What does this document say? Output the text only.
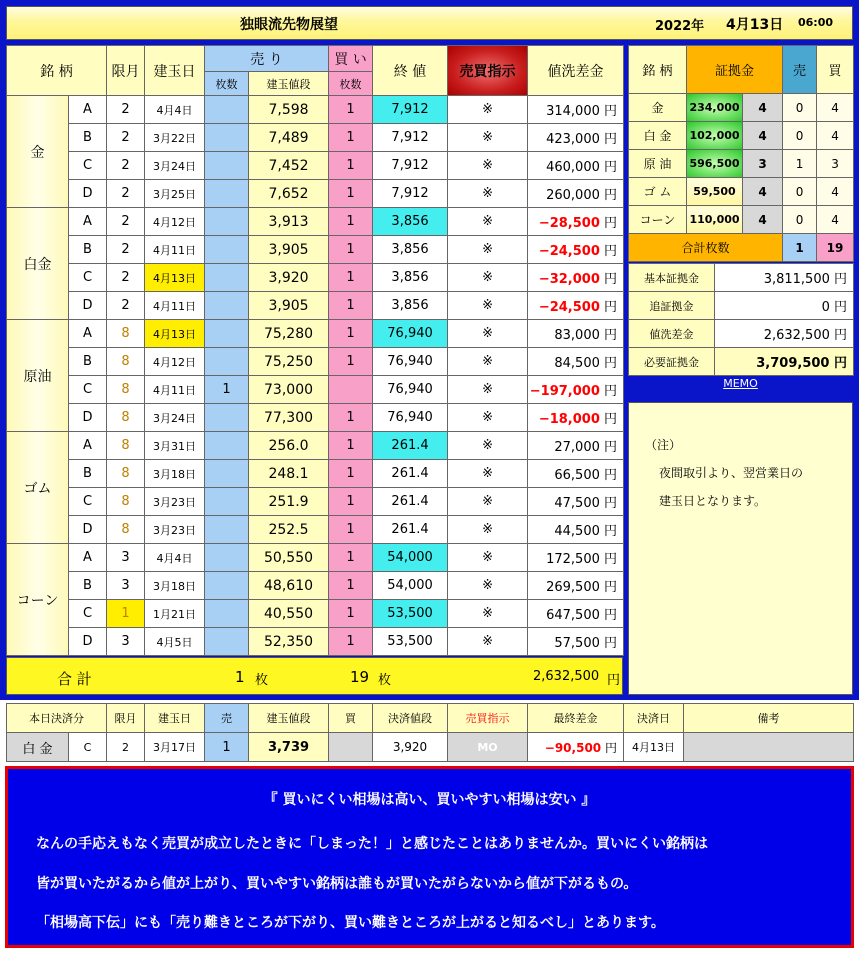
独眼流先物展望	2022年 4月13日 06:00
銘 柄		限月	建玉日	売 り		買 い	終 値	売買指示	値洗差金
				枚数	建玉値段	枚数			
金	A	2	4月4日		7,598	1	7,912	※	314,000 円
	B	2	3月22日		7,489	1	7,912	※	423,000 円
	C	2	3月24日		7,452	1	7,912	※	460,000 円
	D	2	3月25日		7,652	1	7,912	※	260,000 円
白金	A	2	4月12日		3,913	1	3,856	※	−28,500 円
	B	2	4月11日		3,905	1	3,856	※	−24,500 円
	C	2	4月13日		3,920	1	3,856	※	−32,000 円
	D	2	4月11日		3,905	1	3,856	※	−24,500 円
原油	A	8	4月13日		75,280	1	76,940	※	83,000 円
	B	8	4月12日		75,250	1	76,940	※	84,500 円
	C	8	4月11日	1	73,000		76,940	※	−197,000 円
	D	8	3月24日		77,300	1	76,940	※	−18,000 円
ゴム	A	8	3月31日		256.0	1	261.4	※	27,000 円
	B	8	3月18日		248.1	1	261.4	※	66,500 円
	C	8	3月23日		251.9	1	261.4	※	47,500 円
	D	8	3月23日		252.5	1	261.4	※	44,500 円
コーン	A	3	4月4日		50,550	1	54,000	※	172,500 円
	B	3	3月18日		48,610	1	54,000	※	269,500 円
	C	1	1月21日		40,550	1	53,500	※	647,500 円
	D	3	4月5日		52,350	1	53,500	※	57,500 円
合 計	1 枚	19 枚	2,632,500 円
銘 柄	証拠金		売	買
金	234,000	4	0	4
白 金	102,000	4	0	4
原 油	596,500	3	1	3
ゴ ム	59,500	4	0	4
コーン	110,000	4	0	4
合計枚数			1	19
基本証拠金	3,811,500 円
追証拠金	0 円
値洗差金	2,632,500 円
必要証拠金	3,709,500 円
MEMO
（注）
夜間取引より、翌営業日の
建玉日となります。
本日決済分		限月	建玉日	売	建玉値段	買	決済値段	売買指示	最終差金	決済日	備考
白 金	C	2	3月17日	1	3,739		3,920	MO	−90,500 円	4月13日	
『 買いにくい相場は高い、買いやすい相場は安い 』
なんの手応えもなく売買が成立したときに「しまった！」と感じたことはありませんか。買いにくい銘柄は
皆が買いたがるから値が上がり、買いやすい銘柄は誰もが買いたがらないから値が下がるもの。
「相場高下伝」にも「売り難きところが下がり、買い難きところが上がると知るべし」とあります。
